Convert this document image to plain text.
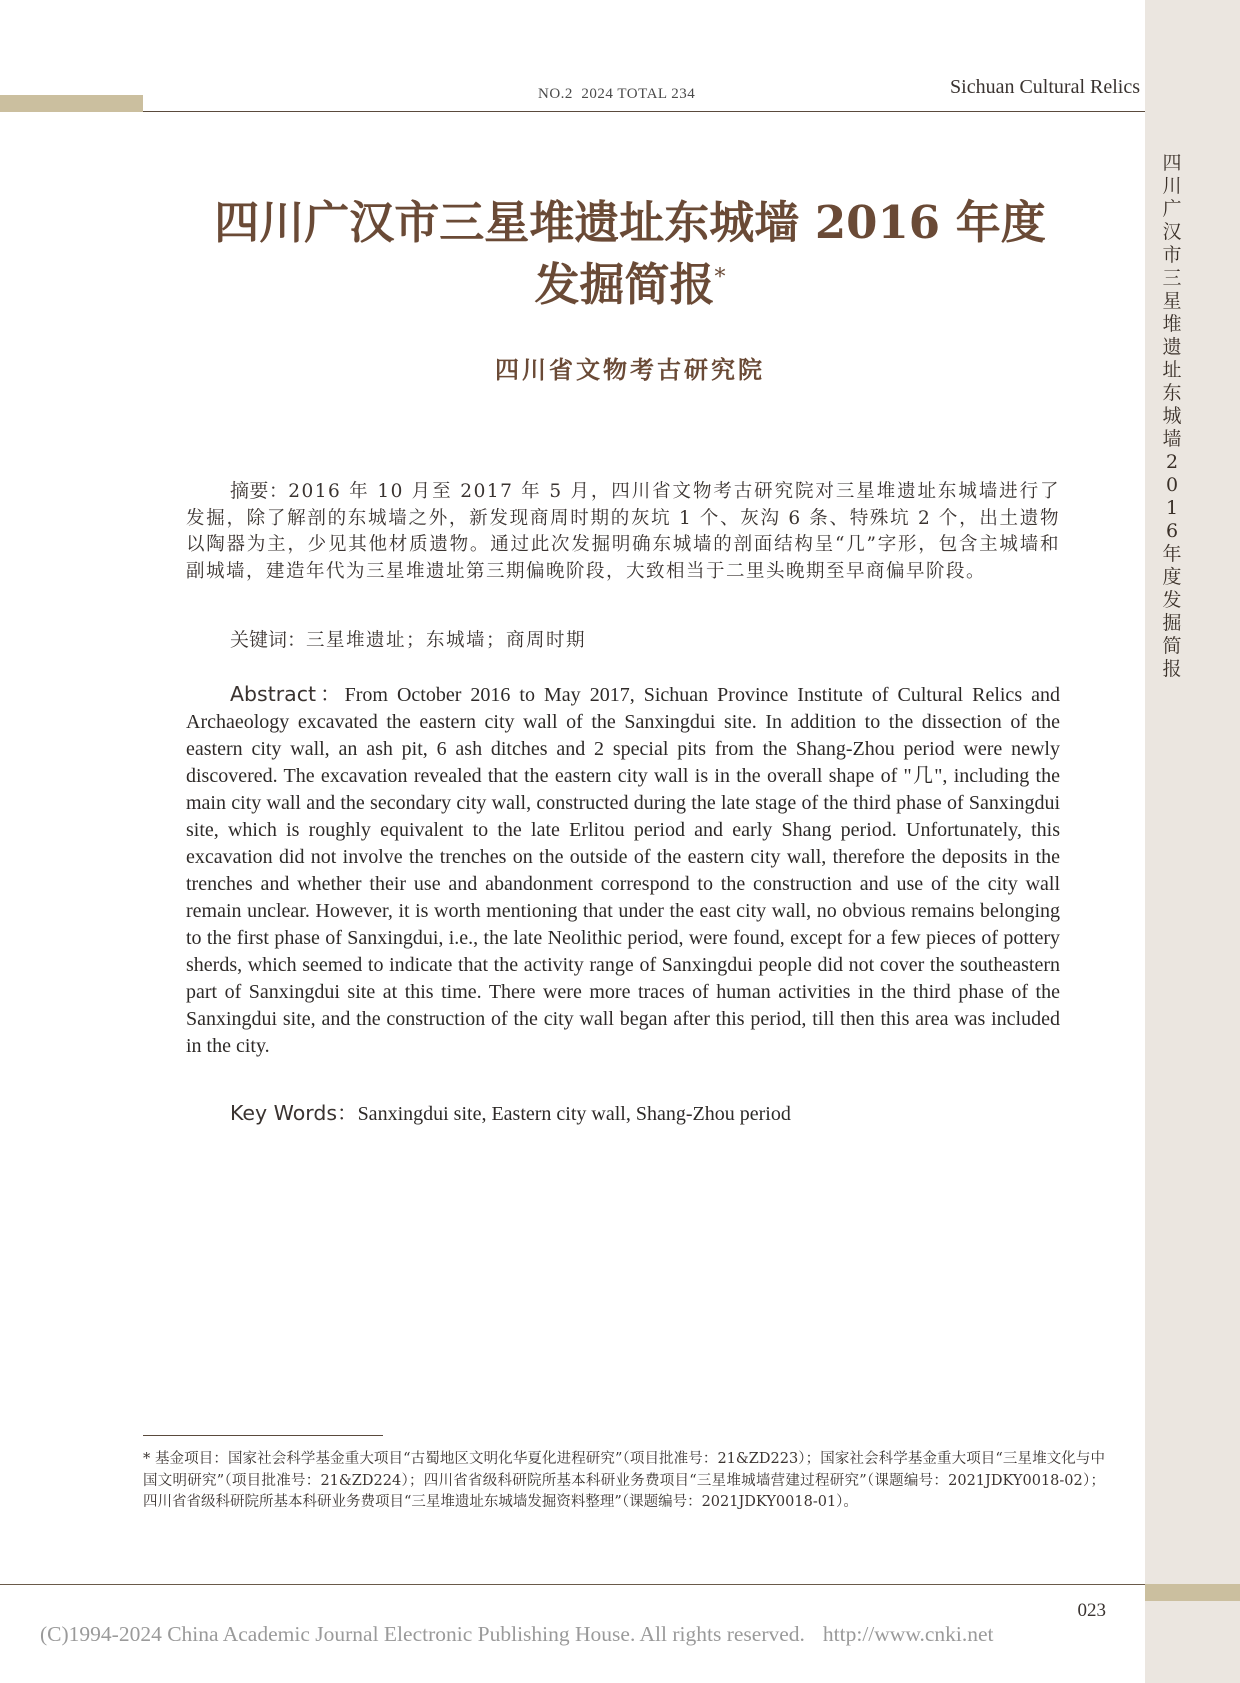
四川广汉市三星堆遗址东城墙2016年度发掘简报
NO.2  2024 TOTAL 234	Sichuan Cultural Relics
四川广汉市三星堆遗址东城墙 2016 年度
发掘简报*
四川省文物考古研究院
摘要：2016 年 10 月至 2017 年 5 月，四川省文物考古研究院对三星堆遗址东城墙进行了发掘，除了解剖的东城墙之外，新发现商周时期的灰坑 1 个、灰沟 6 条、特殊坑 2 个，出土遗物以陶器为主，少见其他材质遗物。通过此次发掘明确东城墙的剖面结构呈“几”字形，包含主城墙和副城墙，建造年代为三星堆遗址第三期偏晚阶段，大致相当于二里头晚期至早商偏早阶段。
关键词：三星堆遗址；东城墙；商周时期
Abstract：From October 2016 to May 2017, Sichuan Province Institute of Cultural Relics and Archaeology excavated the eastern city wall of the Sanxingdui site. In addition to the dissection of the eastern city wall, an ash pit, 6 ash ditches and 2 special pits from the Shang-Zhou period were newly discovered. The excavation revealed that the eastern city wall is in the overall shape of "几", including the main city wall and the secondary city wall, constructed during the late stage of the third phase of Sanxingdui site, which is roughly equivalent to the late Erlitou period and early Shang period. Unfortunately, this excavation did not involve the trenches on the outside of the eastern city wall, therefore the deposits in the trenches and whether their use and abandonment correspond to the construction and use of the city wall remain unclear. However, it is worth mentioning that under the east city wall, no obvious remains belonging to the first phase of Sanxingdui, i.e., the late Neolithic period, were found, except for a few pieces of pottery sherds, which seemed to indicate that the activity range of Sanxingdui people did not cover the southeastern part of Sanxingdui site at this time. There were more traces of human activities in the third phase of the Sanxingdui site, and the construction of the city wall began after this period, till then this area was included in the city.
Key Words：Sanxingdui site, Eastern city wall, Shang-Zhou period
* 基金项目：国家社会科学基金重大项目“古蜀地区文明化华夏化进程研究”（项目批准号：21&ZD223）；国家社会科学基金重大项目“三星堆文化与中国文明研究”（项目批准号：21&ZD224）；四川省省级科研院所基本科研业务费项目“三星堆城墙营建过程研究”（课题编号：2021JDKY0018-02）；四川省省级科研院所基本科研业务费项目“三星堆遗址东城墙发掘资料整理”（课题编号：2021JDKY0018-01）。
023
(C)1994-2024 China Academic Journal Electronic Publishing House. All rights reserved. http://www.cnki.net
